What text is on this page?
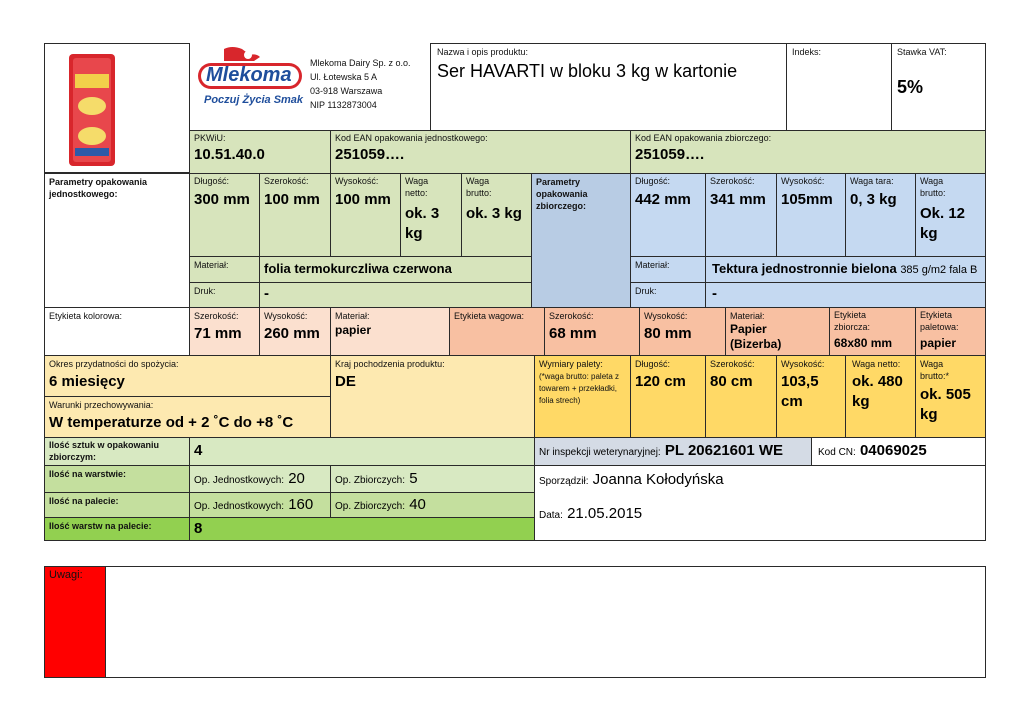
Mlekoma
Poczuj Życia Smak
Mlekoma Dairy Sp. z o.o.
Ul. Łotewska 5 A
03-918 Warszawa
NIP 1132873004
Nazwa i opis produktu:
Ser HAVARTI w bloku 3 kg w kartonie
Indeks:	Stawka VAT:
5%
PKWiU:
10.51.40.0
Kod EAN opakowania jednostkowego:
251059….
Kod EAN opakowania zbiorczego:
251059….
Parametry opakowania jednostkowego:
Długość:
300 mm
Szerokość:
100 mm
Wysokość:
100 mm
Waga netto:
ok. 3 kg
Waga brutto:
ok. 3 kg
Parametry opakowania zbiorczego:
Długość:
442 mm
Szerokość:
341 mm
Wysokość:
105mm
Waga tara:
0, 3 kg
Waga brutto:
Ok. 12 kg
Materiał:	folia termokurczliwa czerwona
Druk:	-
Materiał:	Tektura jednostronnie bielona 385 g/m2 fala B
Druk:	-
Etykieta kolorowa:	Szerokość:
71 mm
Wysokość:
260 mm
Materiał:
papier
Etykieta wagowa:	Szerokość:
68 mm
Wysokość:
80 mm
Materiał:
Papier (Bizerba)
Etykieta zbiorcza:
68x80 mm
Etykieta paletowa:
papier
Okres przydatności do spożycia:
6 miesięcy
Warunki przechowywania:
W temperaturze od + 2 ˚C do +8 ˚C
Kraj pochodzenia produktu:
DE
Wymiary palety:
(*waga brutto: paleta z towarem + przekładki, folia strech)
Długość:
120 cm
Szerokość:
80 cm
Wysokość:
103,5 cm
Waga netto:
ok. 480 kg
Waga brutto:*
ok. 505 kg
Ilość sztuk w opakowaniu zbiorczym:	4
Ilość na warstwie:
Op. Jednostkowych: 20	Op. Zbiorczych: 5
Ilość na palecie:	Op. Jednostkowych: 160 Op. Zbiorczych: 40
Ilość warstw na palecie:	8
Nr inspekcji weterynaryjnej: PL 20621601 WE	Kod CN: 04069025
Sporządził: Joanna Kołodyńska
Data: 21.05.2015
Uwagi:
